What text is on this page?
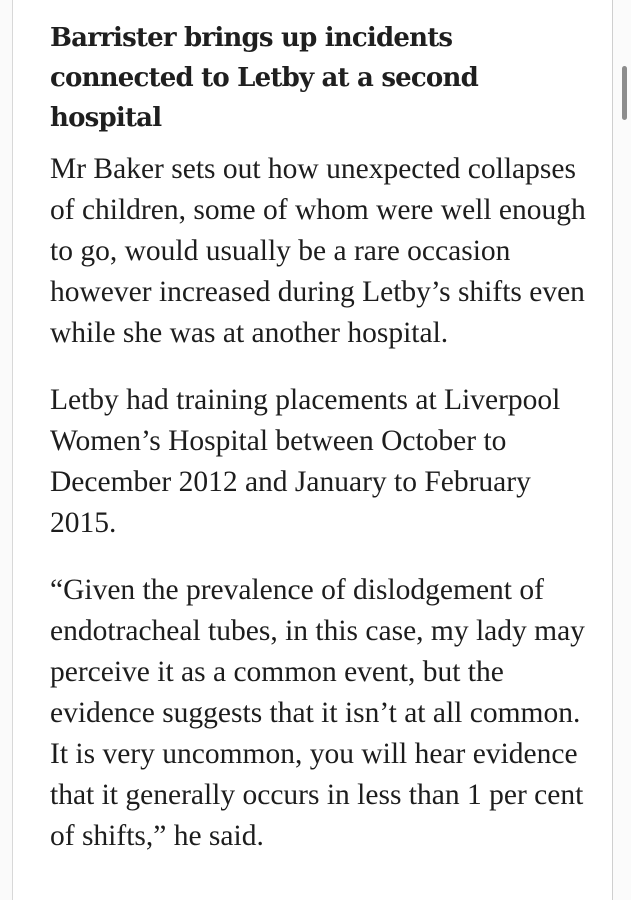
Barrister brings up incidents connected to Letby at a second hospital

Mr Baker sets out how unexpected collapses of children, some of whom were well enough to go, would usually be a rare occasion however increased during Letby’s shifts even while she was at another hospital.

Letby had training placements at Liverpool Women’s Hospital between October to December 2012 and January to February 2015.

“Given the prevalence of dislodgement of endotracheal tubes, in this case, my lady may perceive it as a common event, but the evidence suggests that it isn’t at all common. It is very uncommon, you will hear evidence that it generally occurs in less than 1 per cent of shifts,” he said.
